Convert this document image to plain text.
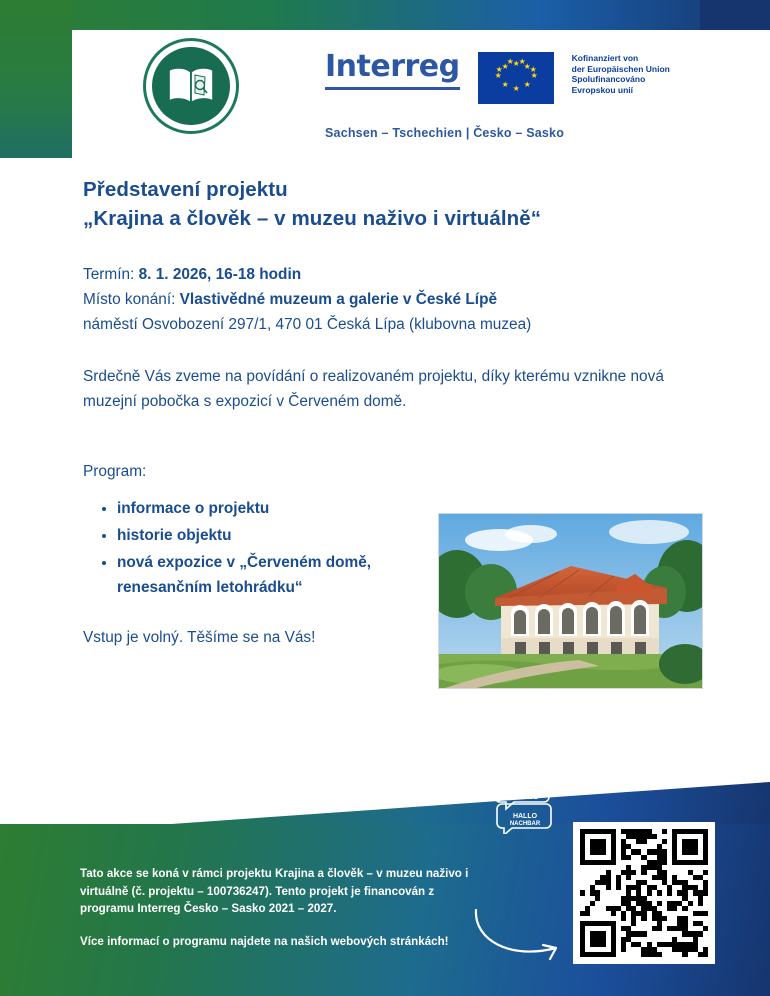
Interreg	★ ★
★
★
★
★
★
★
★ ★
★
★
Kofinanziert von
der Europäischen Union
Spolufinancováno
Evropskou unií
Sachsen – Tschechien | Česko – Sasko
Představení projektu
„Krajina a člověk – v muzeu naživo i virtuálně“
Termín: 8. 1. 2026, 16-18 hodin
Místo konání: Vlastivědné muzeum a galerie v České Lípě
náměstí Osvobození 297/1, 470 01 Česká Lípa (klubovna muzea)
Srdečně Vás zveme na povídání o realizovaném projektu, díky kterému vznikne nová muzejní pobočka s expozicí v Červeném domě.
Program:
• informace o projektu
• historie objektu
• nová expozice v „Červeném domě, renesančním letohrádku“
Vstup je volný. Těšíme se na Vás!
AHOJ
SOUSEDE
HALLO
NACHBAR
Tato akce se koná v rámci projektu Krajina a člověk – v muzeu naživo i virtuálně (č. projektu – 100736247). Tento projekt je financován z programu Interreg Česko – Sasko 2021 – 2027.
Více informací o programu najdete na našich webových stránkách!
